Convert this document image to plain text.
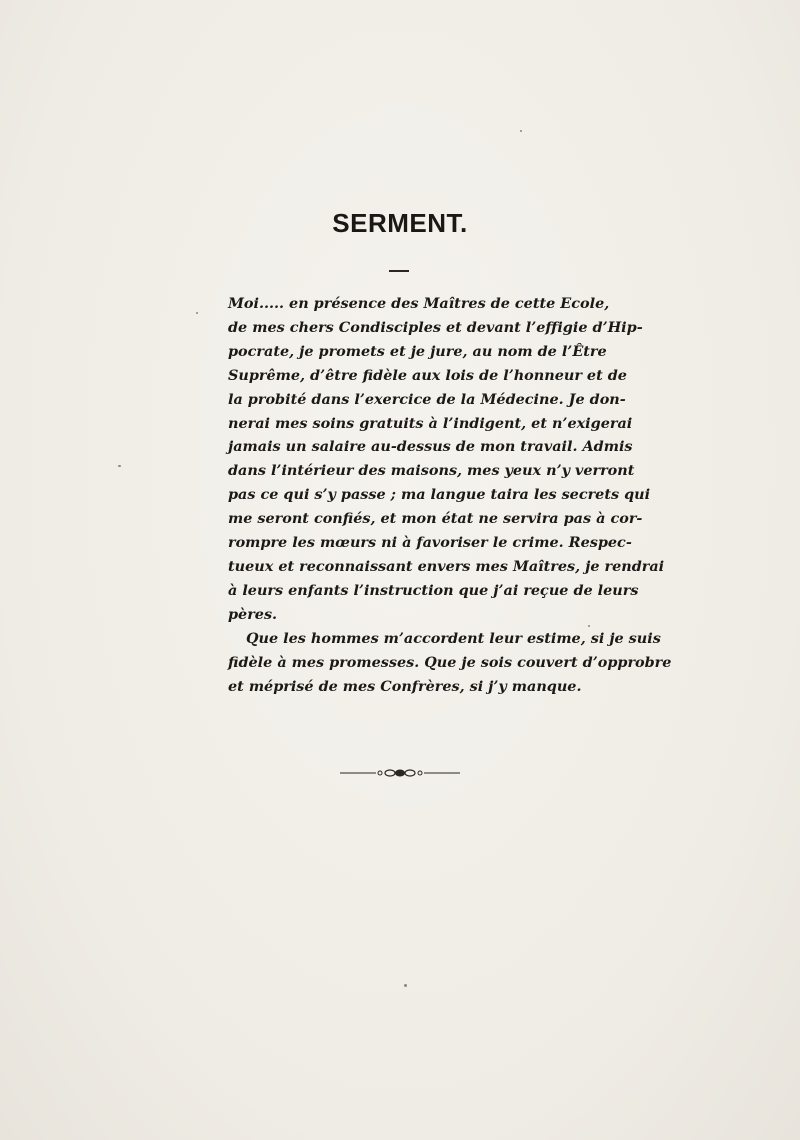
SERMENT.
Moi..... en présence des Maîtres de cette Ecole,
de mes chers Condisciples et devant l’effigie d’Hip-
pocrate, je promets et je jure, au nom de l’Être
Suprême, d’être fidèle aux lois de l’honneur et de
la probité dans l’exercice de la Médecine. Je don-
nerai mes soins gratuits à l’indigent, et n’exigerai
jamais un salaire au-dessus de mon travail. Admis
dans l’intérieur des maisons, mes yeux n’y verront
pas ce qui s’y passe ; ma langue taira les secrets qui
me seront confiés, et mon état ne servira pas à cor-
rompre les mœurs ni à favoriser le crime. Respec-
tueux et reconnaissant envers mes Maîtres, je rendrai
à leurs enfants l’instruction que j’ai reçue de leurs
pères.
Que les hommes m’accordent leur estime, si je suis
fidèle à mes promesses. Que je sois couvert d’opprobre
et méprisé de mes Confrères, si j’y manque.
